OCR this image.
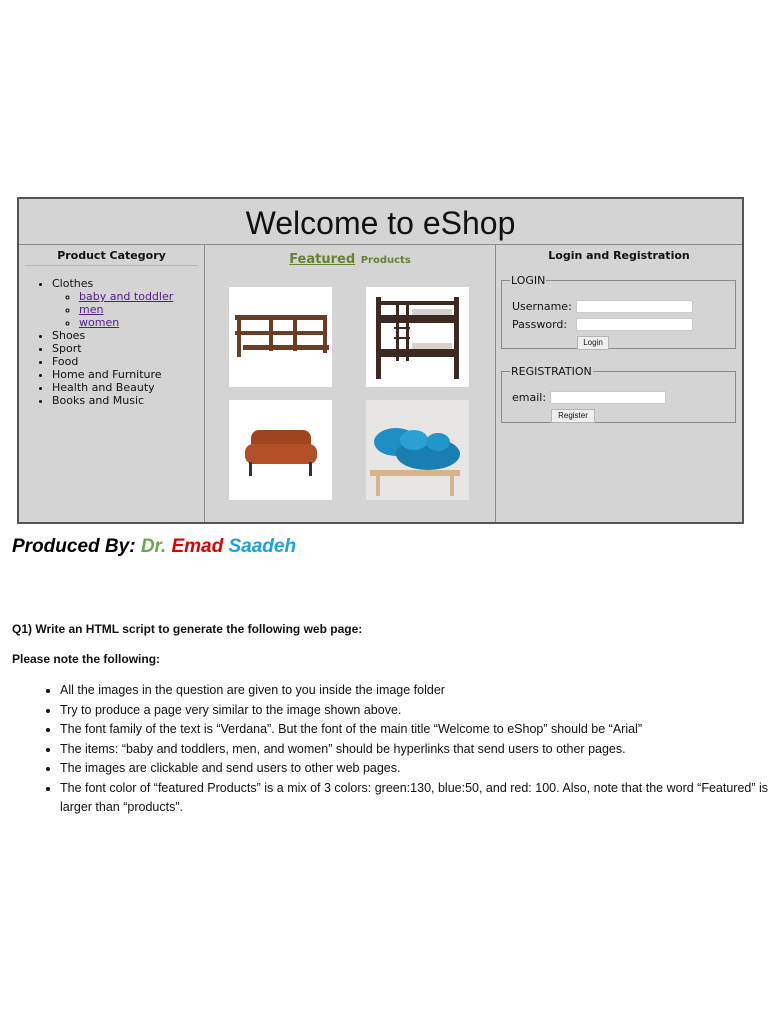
Welcome to eShop
Product Category
• Clothes
◦ baby and toddler
◦ men
◦ women
• Shoes
• Sport
• Food
• Home and Furniture
• Health and Beauty
• Books and Music
Featured Products	Login and Registration
LOGIN
Username:
Password:
Login
REGISTRATION
email:
Register
Produced By: Dr. Emad Saadeh
Q1) Write an HTML script to generate the following web page:
Please note the following:
• All the images in the question are given to you inside the image folder
• Try to produce a page very similar to the image shown above.
• The font family of the text is “Verdana”. But the font of the main title “Welcome to eShop” should be “Arial”
• The items: “baby and toddlers, men, and women” should be hyperlinks that send users to other pages.
• The images are clickable and send users to other web pages.
• The font color of “featured Products” is a mix of 3 colors: green:130, blue:50, and red: 100. Also, note that the word “Featured” is larger than “products”.
